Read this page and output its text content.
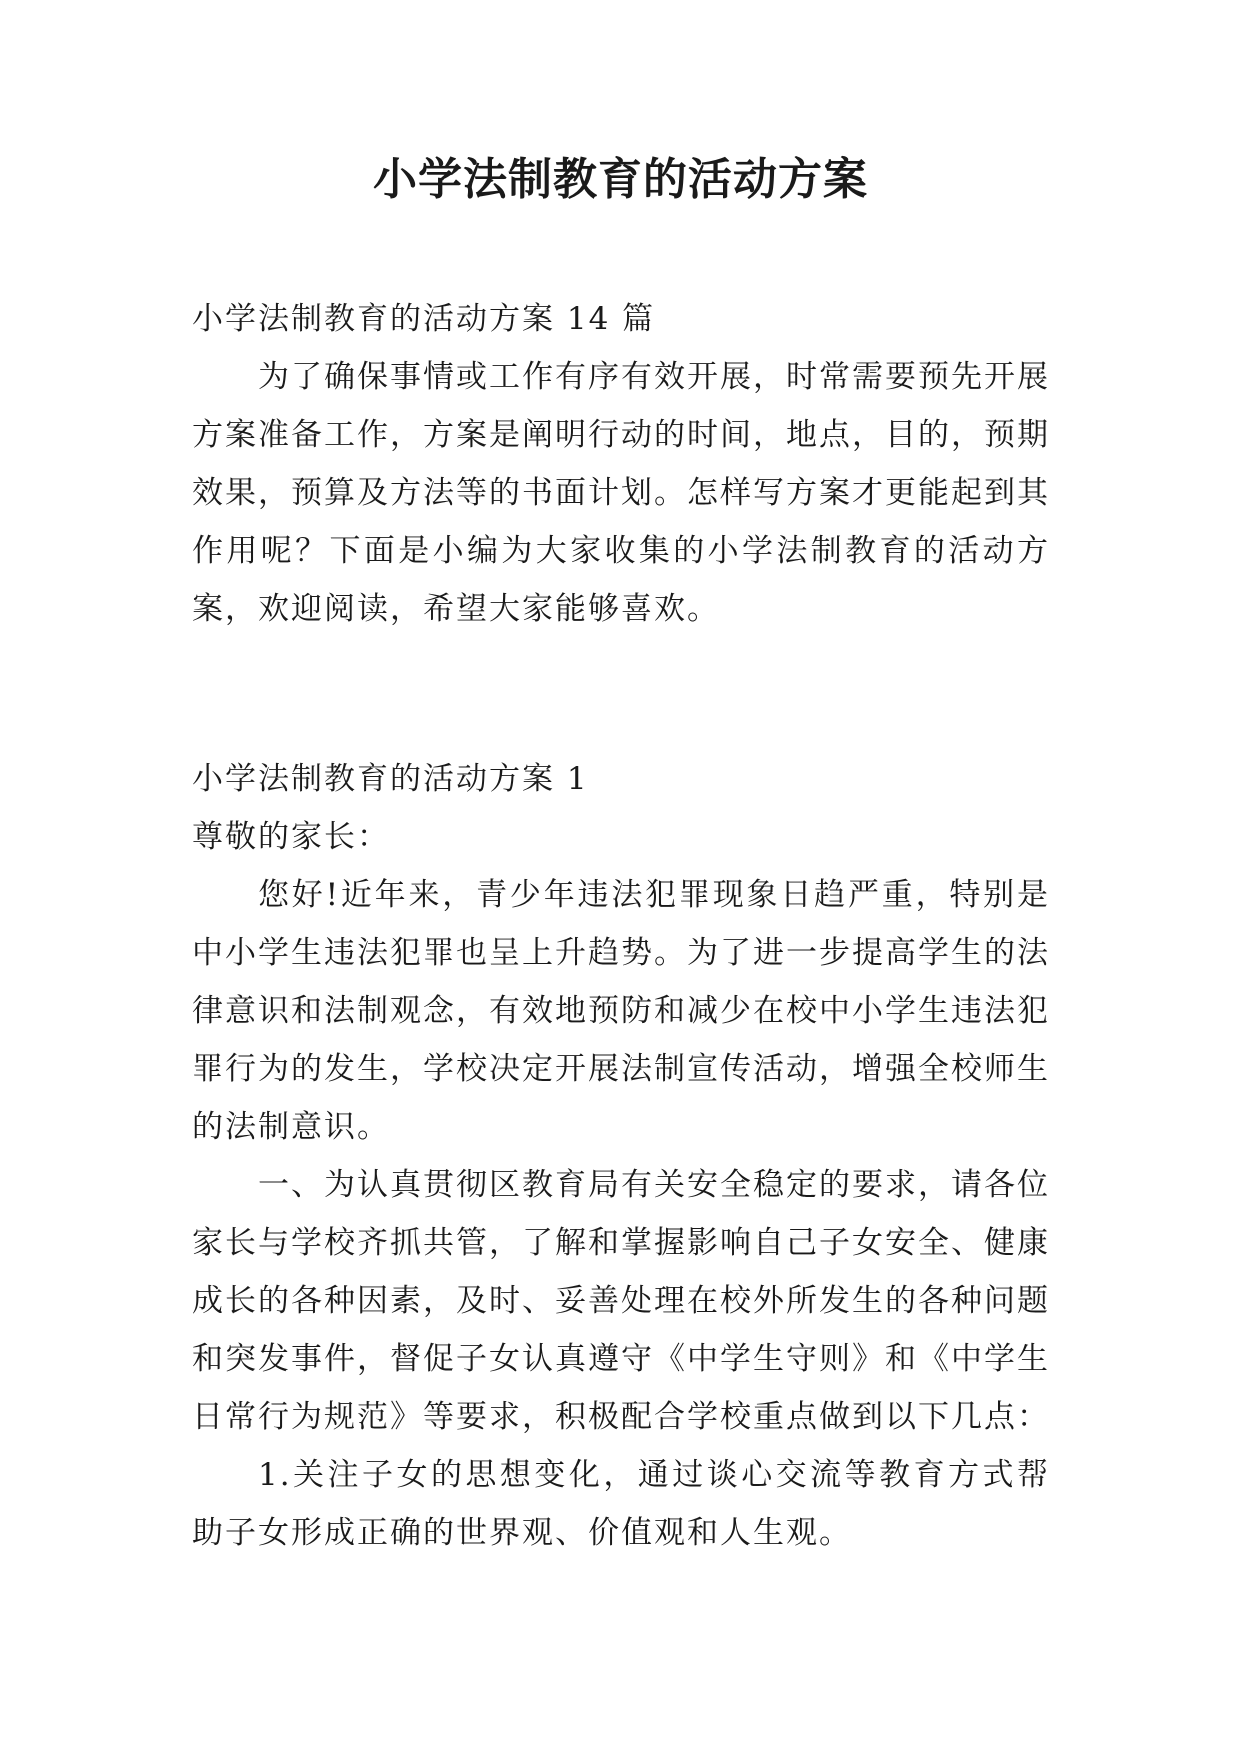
小学法制教育的活动方案

小学法制教育的活动方案 14 篇

为了确保事情或工作有序有效开展，时常需要预先开展方案准备工作，方案是阐明行动的时间，地点，目的，预期效果，预算及方法等的书面计划。怎样写方案才更能起到其作用呢？下面是小编为大家收集的小学法制教育的活动方案，欢迎阅读，希望大家能够喜欢。

小学法制教育的活动方案 1

尊敬的家长：

您好!近年来，青少年违法犯罪现象日趋严重，特别是中小学生违法犯罪也呈上升趋势。为了进一步提高学生的法律意识和法制观念，有效地预防和减少在校中小学生违法犯罪行为的发生，学校决定开展法制宣传活动，增强全校师生的法制意识。

一、为认真贯彻区教育局有关安全稳定的要求，请各位家长与学校齐抓共管，了解和掌握影响自己子女安全、健康成长的各种因素，及时、妥善处理在校外所发生的各种问题和突发事件，督促子女认真遵守《中学生守则》和《中学生日常行为规范》等要求，积极配合学校重点做到以下几点：

1.关注子女的思想变化，通过谈心交流等教育方式帮助子女形成正确的世界观、价值观和人生观。
